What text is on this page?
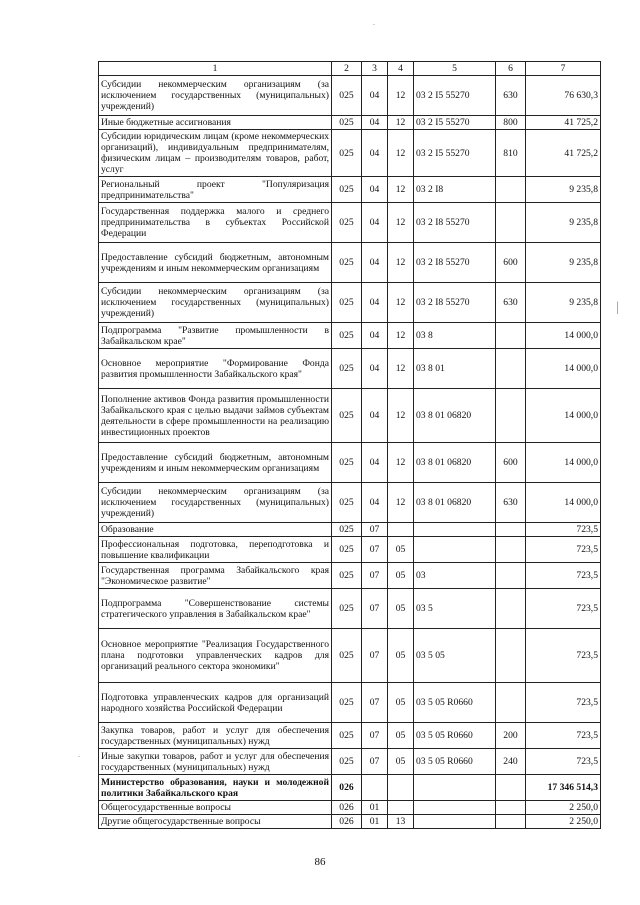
1	2	3	4	5	6	7
Субсидии некоммерческим организациям (за исключением государственных (муниципальных) учреждений)	025	04	12	03 2 I5 55270	630	76 630,3
Иные бюджетные ассигнования	025	04	12	03 2 I5 55270	800	41 725,2
Субсидии юридическим лицам (кроме некоммерческих организаций), индивидуальным предпринимателям, физическим лицам – производителям товаров, работ, услуг	025	04	12	03 2 I5 55270	810	41 725,2
Региональный проект "Популяризация предпринимательства"	025	04	12	03 2 I8		9 235,8
Государственная поддержка малого и среднего предпринимательства в субъектах Российской Федерации	025	04	12	03 2 I8 55270		9 235,8
Предоставление субсидий бюджетным, автономным учреждениям и иным некоммерческим организациям	025	04	12	03 2 I8 55270	600	9 235,8
Субсидии некоммерческим организациям (за исключением государственных (муниципальных) учреждений)	025	04	12	03 2 I8 55270	630	9 235,8
Подпрограмма "Развитие промышленности в Забайкальском крае"	025	04	12	03 8		14 000,0
Основное мероприятие "Формирование Фонда развития промышленности Забайкальского края"	025	04	12	03 8 01		14 000,0
Пополнение активов Фонда развития промышленности Забайкальского края с целью выдачи займов субъектам деятельности в сфере промышленности на реализацию инвестиционных проектов	025	04	12	03 8 01 06820		14 000,0
Предоставление субсидий бюджетным, автономным учреждениям и иным некоммерческим организациям	025	04	12	03 8 01 06820	600	14 000,0
Субсидии некоммерческим организациям (за исключением государственных (муниципальных) учреждений)	025	04	12	03 8 01 06820	630	14 000,0
Образование	025	07				723,5
Профессиональная подготовка, переподготовка и повышение квалификации	025	07	05			723,5
Государственная программа Забайкальского края "Экономическое развитие"	025	07	05	03		723,5
Подпрограмма "Совершенствование системы стратегического управления в Забайкальском крае"	025	07	05	03 5		723,5
Основное мероприятие "Реализация Государственного плана подготовки управленческих кадров для организаций реального сектора экономики"	025	07	05	03 5 05		723,5
Подготовка управленческих кадров для организаций народного хозяйства Российской Федерации	025	07	05	03 5 05 R0660		723,5
Закупка товаров, работ и услуг для обеспечения государственных (муниципальных) нужд	025	07	05	03 5 05 R0660	200	723,5
Иные закупки товаров, работ и услуг для обеспечения государственных (муниципальных) нужд	025	07	05	03 5 05 R0660	240	723,5
Министерство образования, науки и молодежной политики Забайкальского края	026					17 346 514,3
Общегосударственные вопросы	026	01				2 250,0
Другие общегосударственные вопросы	026	01	13			2 250,0
86
.
|
.
